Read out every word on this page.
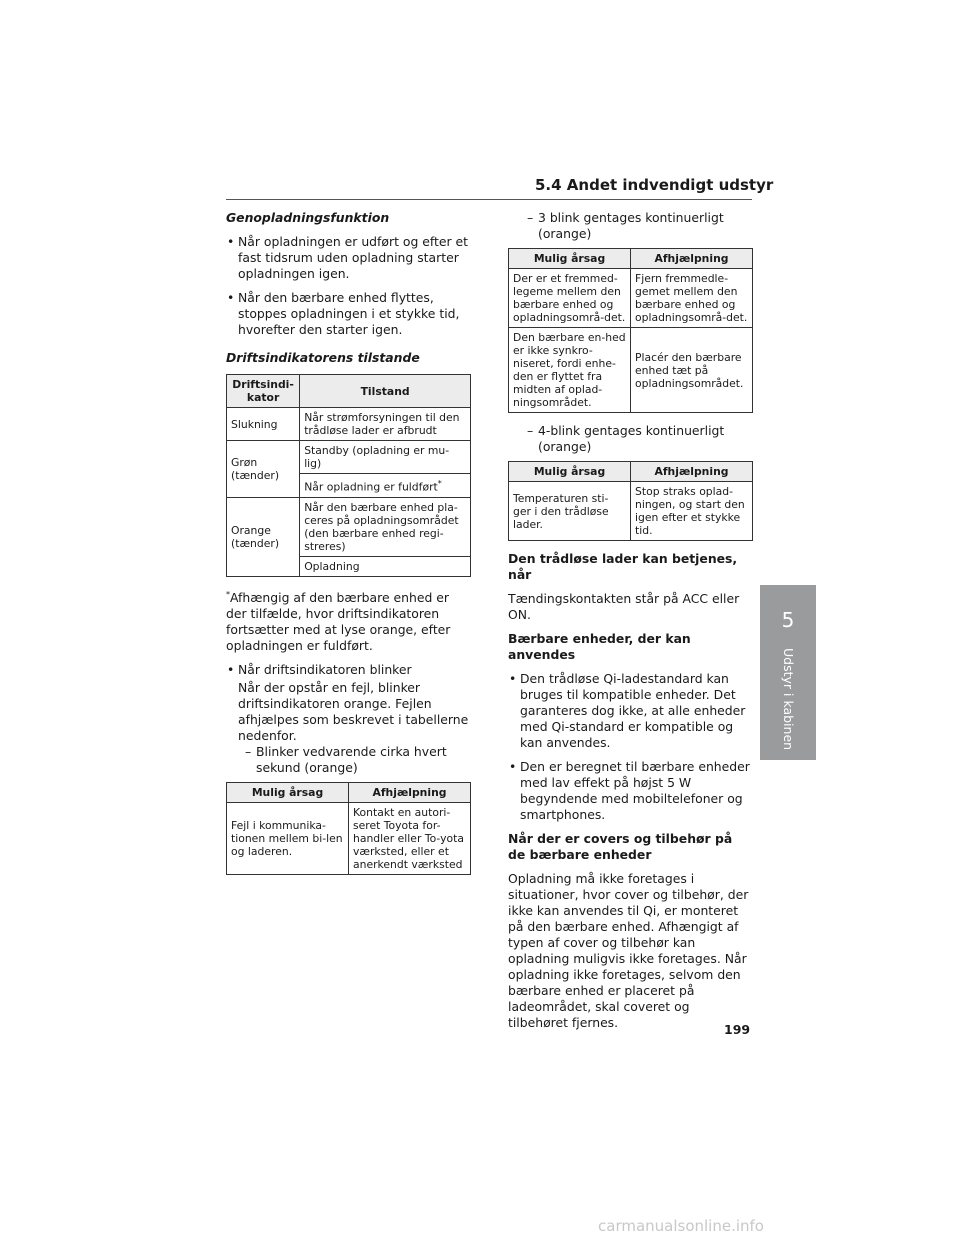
5.4 Andet indvendigt udstyr
Genopladningsfunktion
• Når opladningen er udført og efter et fast tidsrum uden opladning starter opladningen igen.
• Når den bærbare enhed flyttes, stoppes opladningen i et stykke tid, hvorefter den starter igen.
Driftsindikatorens tilstande
Driftsindi-kator	Tilstand
Slukning	Når strømforsyningen til den trådløse lader er afbrudt
Grøn (tænder)	Standby (opladning er mu-lig)
	Når opladning er fuldført*
Orange (tænder)	Når den bærbare enhed pla-ceres på opladningsområdet (den bærbare enhed regi-streres)
	Opladning
*Afhængig af den bærbare enhed er der tilfælde, hvor driftsindikatoren fortsætter med at lyse orange, efter opladningen er fuldført.
• Når driftsindikatoren blinker

Når der opstår en fejl, blinker driftsindikatoren orange. Fejlen afhjælpes som beskrevet i tabellerne nedenfor.

– Blinker vedvarende cirka hvert sekund (orange)
Mulig årsag	Afhjælpning
Fejl i kommunika-tionen mellem bi-len og laderen.	Kontakt en autori-seret Toyota for-handler eller To-yota værksted, eller et anerkendt værksted
– 3 blink gentages kontinuerligt (orange)
Mulig årsag	Afhjælpning
Der er et fremmed-legeme mellem den bærbare enhed og opladningsområ-det.	Fjern fremmedle-gemet mellem den bærbare enhed og opladningsområ-det.
Den bærbare en-hed er ikke synkro-niseret, fordi enhe-den er flyttet fra midten af oplad-ningsområdet.	Placér den bærbare enhed tæt på opladningsområdet.
– 4-blink gentages kontinuerligt (orange)
Mulig årsag	Afhjælpning
Temperaturen sti-ger i den trådløse lader.	Stop straks oplad-ningen, og start den igen efter et stykke tid.
Den trådløse lader kan betjenes, når

Tændingskontakten står på ACC eller ON.

Bærbare enheder, der kan anvendes
• Den trådløse Qi-ladestandard kan bruges til kompatible enheder. Det garanteres dog ikke, at alle enheder med Qi-standard er kompatible og kan anvendes.
• Den er beregnet til bærbare enheder med lav effekt på højst 5 W begyndende med mobiltelefoner og smartphones.
Når der er covers og tilbehør på de bærbare enheder

Opladning må ikke foretages i situationer, hvor cover og tilbehør, der ikke kan anvendes til Qi, er monteret på den bærbare enhed. Afhængigt af typen af cover og tilbehør kan opladning muligvis ikke foretages. Når opladning ikke foretages, selvom den bærbare enhed er placeret på ladeområdet, skal coveret og tilbehøret fjernes.

5
Udstyr i kabinen
199
carmanualsonline.info
